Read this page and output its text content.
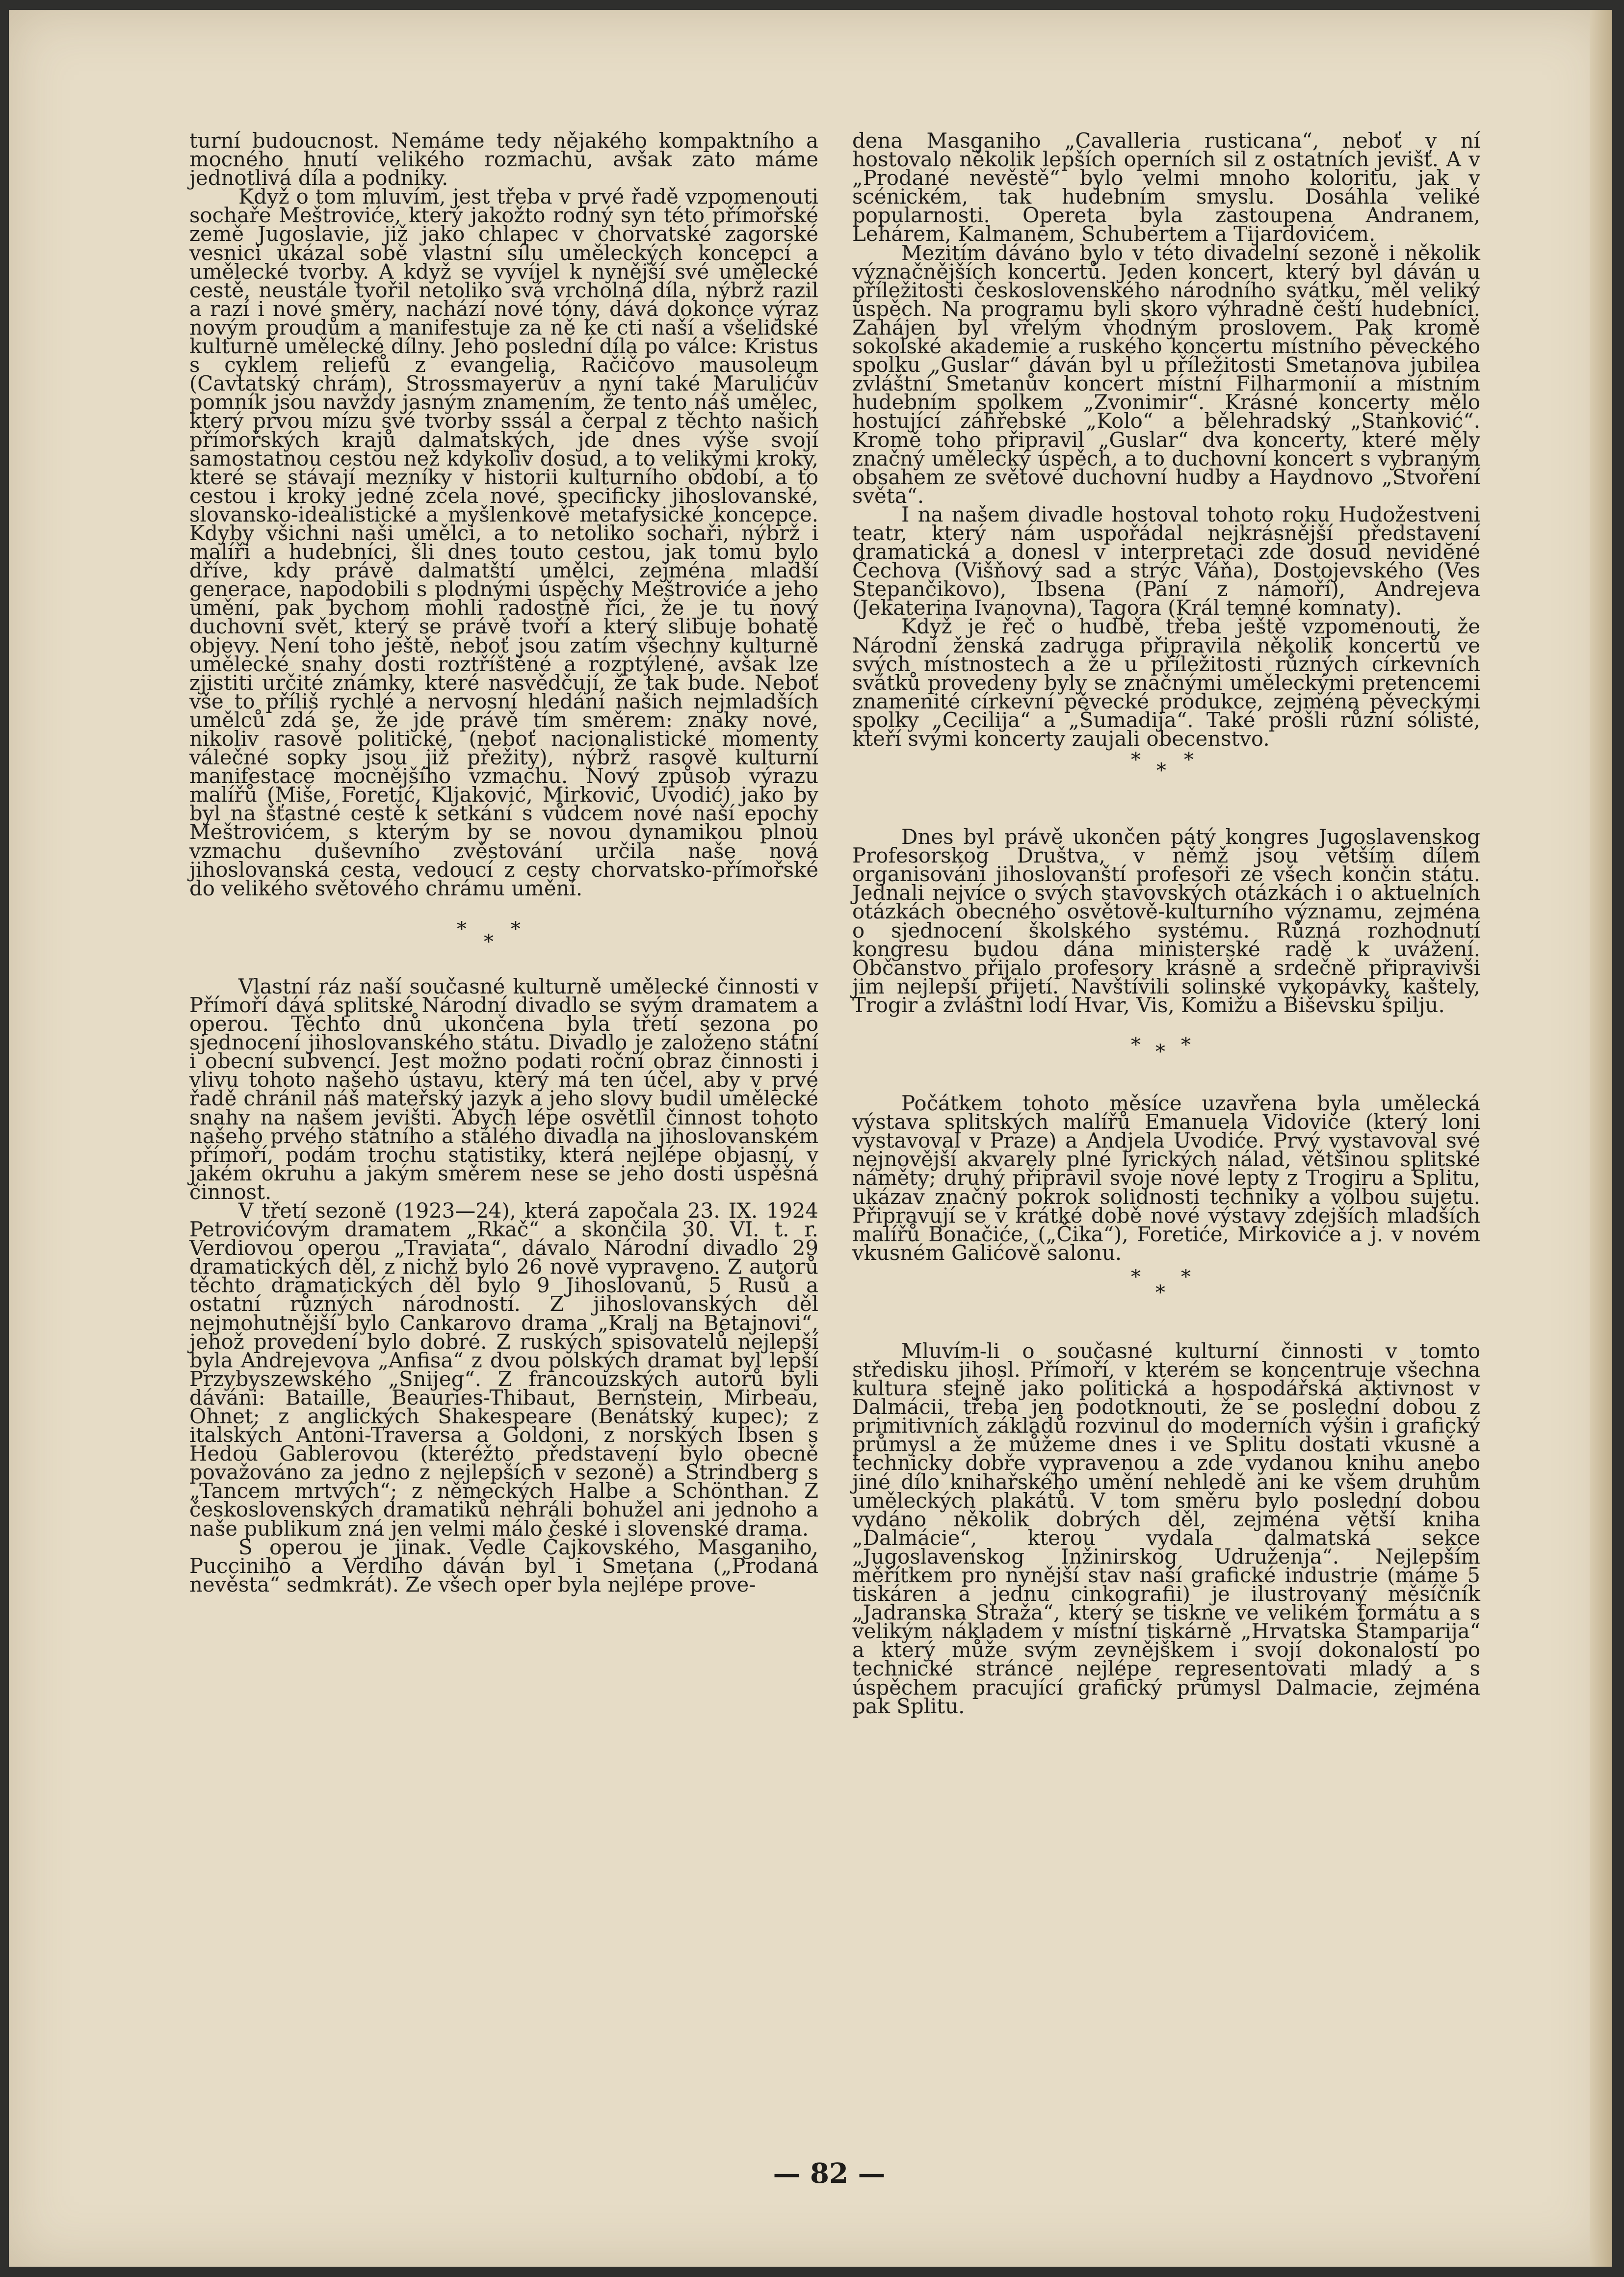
turní budoucnost. Nemáme tedy nějakého kompaktního a mocného hnutí velikého rozmachu, avšak zato máme jednotlivá díla a podniky.

Když o tom mluvím, jest třeba v prvé řadě vzpomenouti sochaře Meštroviće, který jakožto rodný syn této přímořské země Jugoslavie, již jako chlapec v chorvatské zagorské vesnici ukázal sobě vlastní sílu uměleckých koncepcí a umělecké tvorby. A když se vyvíjel k nynější své umělecké cestě, neustále tvořil netoliko svá vrcholná díla, nýbrž razil a razí i nové směry, nachází nové tóny, dává dokonce výraz novým proudům a manifestuje za ně ke cti naší a všelidské kulturně umělecké dílny. Jeho poslední díla po válce: Kristus s cyklem reliefů z evangelia, Račičovo mausoleum (Cavtatský chrám), Strossmayerův a nyní také Marulićův pomník jsou navždy jasným znamením, že tento náš umělec, který prvou mízu své tvorby sssál a čerpal z těchto našich přímořských krajů dalmatských, jde dnes výše svojí samostatnou cestou než kdykoliv dosud, a to velikými kroky, které se stávají mezníky v historii kulturního období, a to cestou i kroky jedné zcela nové, specificky jihoslovanské, slovansko-idealistické a myšlenkově metafysické koncepce. Kdyby všichni naši umělci, a to netoliko sochaři, nýbrž i malíři a hudebníci, šli dnes touto cestou, jak tomu bylo dříve, kdy právě dalmatští umělci, zejména mladší generace, napodobili s plodnými úspěchy Meštroviće a jeho umění, pak bychom mohli radostně říci, že je tu nový duchovní svět, který se právě tvoří a který slibuje bohaté objevy. Není toho ještě, neboť jsou zatím všechny kulturně umělecké snahy dosti roztříštěné a rozptýlené, avšak lze zjistiti určité známky, které nasvědčují, že tak bude. Neboť vše to příliš rychlé a nervosní hledání našich nejmladších umělců zdá se, že jde právě tím směrem: znaky nové, nikoliv rasově politické, (neboť nacionalistické momenty válečné sopky jsou již přežity), nýbrž rasově kulturní manifestace mocnějšího vzmachu. Nový způsob výrazu malířů (Miše, Foretić, Kljaković, Mirković, Uvodić) jako by byl na šťastné cestě k setkání s vůdcem nové naší epochy Meštrovićem, s kterým by se novou dynamikou plnou vzmachu duševního zvěstování určila naše nová jihoslovanská cesta, vedoucí z cesty chorvatsko-přímořské do velikého světového chrámu umění.

*
*
*

Vlastní ráz naší současné kulturně umělecké činnosti v Přímoří dává splitské Národní divadlo se svým dramatem a operou. Těchto dnů ukončena byla třetí sezona po sjednocení jihoslovanského státu. Divadlo je založeno státní i obecní subvencí. Jest možno podati roční obraz činnosti i vlivu tohoto našeho ústavu, který má ten účel, aby v prvé řadě chránil náš mateřský jazyk a jeho slovy budil umělecké snahy na našem jevišti. Abych lépe osvětlil činnost tohoto našeho prvého státního a stálého divadla na jihoslovanském přímoří, podám trochu statistiky, která nejlépe objasní, v jakém okruhu a jakým směrem nese se jeho dosti úspěšná činnost.

V třetí sezoně (1923—24), která započala 23. IX. 1924 Petrovićovým dramatem „Rkač“ a skončila 30. VI. t. r. Verdiovou operou „Traviata“, dávalo Národní divadlo 29 dramatických děl, z nichž bylo 26 nově vypraveno. Z autorů těchto dramatických děl bylo 9 Jihoslovanů, 5 Rusů a ostatní různých národností. Z jihoslovanských děl nejmohutnější bylo Cankarovo drama „Kralj na Betajnovi“, jehož provedení bylo dobré. Z ruských spisovatelů nejlepší byla Andrejevova „Anfisa“ z dvou polských dramat byl lepší Przybyszewského „Snijeg“. Z francouzských autorů byli dáváni: Bataille, Beauries-Thibaut, Bernstein, Mirbeau, Ohnet; z anglických Shakespeare (Benátský kupec); z italských Antoni-Traversa a Goldoni, z norských Ibsen s Hedou Gablerovou (kteréžto představení bylo obecně považováno za jedno z nejlepších v sezoně) a Strindberg s „Tancem mrtvých“; z německých Halbe a Schönthan. Z československých dramatiků nehráli bohužel ani jednoho a naše publikum zná jen velmi málo české i slovenské drama.

S operou je jinak. Vedle Čajkovského, Masganiho, Pucciniho a Verdiho dáván byl i Smetana („Prodaná nevěsta“ sedmkrát). Ze všech oper byla nejlépe prove-

dena Masganiho „Cavalleria rusticana“, neboť v ní hostovalo několik lepších operních sil z ostatních jevišť. A v „Prodané nevěstě“ bylo velmi mnoho koloritu, jak v scénickém, tak hudebním smyslu. Dosáhla veliké popularnosti. Opereta byla zastoupena Andranem, Lehárem, Kalmanem, Schubertem a Tijardovićem.

Mezitím dáváno bylo v této divadelní sezoně i několik význačnějších koncertů. Jeden koncert, který byl dáván u příležitosti československého národního svátku, měl veliký úspěch. Na programu byli skoro výhradně čeští hudebníci. Zahájen byl vřelým vhodným proslovem. Pak kromě sokolské akademie a ruského koncertu místního pěveckého spolku „Guslar“ dáván byl u příležitosti Smetanova jubilea zvláštní Smetanův koncert místní Filharmonií a místním hudebním spolkem „Zvonimir“. Krásné koncerty mělo hostující záhřebské „Kolo“ a bělehradský „Stanković“. Kromě toho připravil „Guslar“ dva koncerty, které měly značný umělecký úspěch, a to duchovní koncert s vybraným obsahem ze světové duchovní hudby a Haydnovo „Stvoření světa“.

I na našem divadle hostoval tohoto roku Hudožestveni teatr, který nám uspořádal nejkrásnější představení dramatická a donesl v interpretaci zde dosud nevidĕné Čechova (Višňový sad a strýc Váňa), Dostojevského (Ves Stepančikovo), Ibsena (Paní z námoří), Andrejeva (Jekaterina Ivanovna), Tagora (Král temné komnaty).

Když je řeč o hudbě, třeba ještě vzpomenouti, že Národní ženská zadruga připravila několik koncertů ve svých místnostech a že u příležitosti různých církevních svátků provedeny byly se značnými uměleckými pretencemi znamenité církevní pěvecké produkce, zejména pěveckými spolky „Cecilija“ a „Šumadija“. Také prošli různí sólisté, kteří svými koncerty zaujali obecenstvo.

* * *

Dnes byl právě ukončen pátý kongres Jugoslavenskog Profesorskog Društva, v němž jsou větším dílem organisováni jihoslovanští profesoři ze všech končin státu. Jednali nejvíce o svých stavovských otázkách i o aktuelních otázkách obecného osvětově-kulturního významu, zejména o sjednocení školského systému. Různá rozhodnutí kongresu budou dána ministerské radě k uvážení. Občanstvo přijalo profesory krásně a srdečně připravivši jim nejlepší přijetí. Navštívili solinské vykopávky, kaštely, Trogir a zvláštní lodí Hvar, Vis, Komižu a Biševsku špilju.

* * *

Počátkem tohoto měsíce uzavřena byla umělecká výstava splitských malířů Emanuela Vidoviće (který loni vystavoval v Praze) a Andjela Uvodiće. Prvý vystavoval své nejnovější akvarely plné lyrických nálad, většinou splitské náměty; druhý připravil svoje nové lepty z Trogiru a Splitu, ukázav značný pokrok solidnosti techniky a volbou sujetu. Připravují se v krátké době nové výstavy zdejších mladších malířů Bonačiće, („Čika“), Foretiće, Mirkoviće a j. v novém vkusném Galićově salonu.

* *
*

Mluvím-li o současné kulturní činnosti v tomto středisku jihosl. Přímoří, v kterém se koncentruje všechna kultura stejně jako politická a hospodářská aktivnost v Dalmácii, třeba jen podotknouti, že se poslední dobou z primitivních základů rozvinul do moderních výšin i grafický průmysl a že můžeme dnes i ve Splitu dostati vkusně a technicky dobře vypravenou a zde vydanou knihu anebo jiné dílo knihařského umění nehledě ani ke všem druhům uměleckých plakátů. V tom směru bylo poslední dobou vydáno několik dobrých děl, zejména větší kniha „Dalmácie“, kterou vydala dalmatská sekce „Jugoslavenskog Inžinirskog Udruženja“. Nejlepším měřítkem pro nynější stav naší grafické industrie (máme 5 tiskáren a jednu cinkografii) je ilustrovaný měsíčník „Jadranska Straža“, který se tiskne ve velikém formátu a s velikým nákladem v místní tiskárně „Hrvatska Štamparija“ a který může svým zevnějškem i svojí dokonalostí po technické stránce nejlépe representovati mladý a s úspěchem pracující grafický průmysl Dalmacie, zejména pak Splitu.

— 82 —
